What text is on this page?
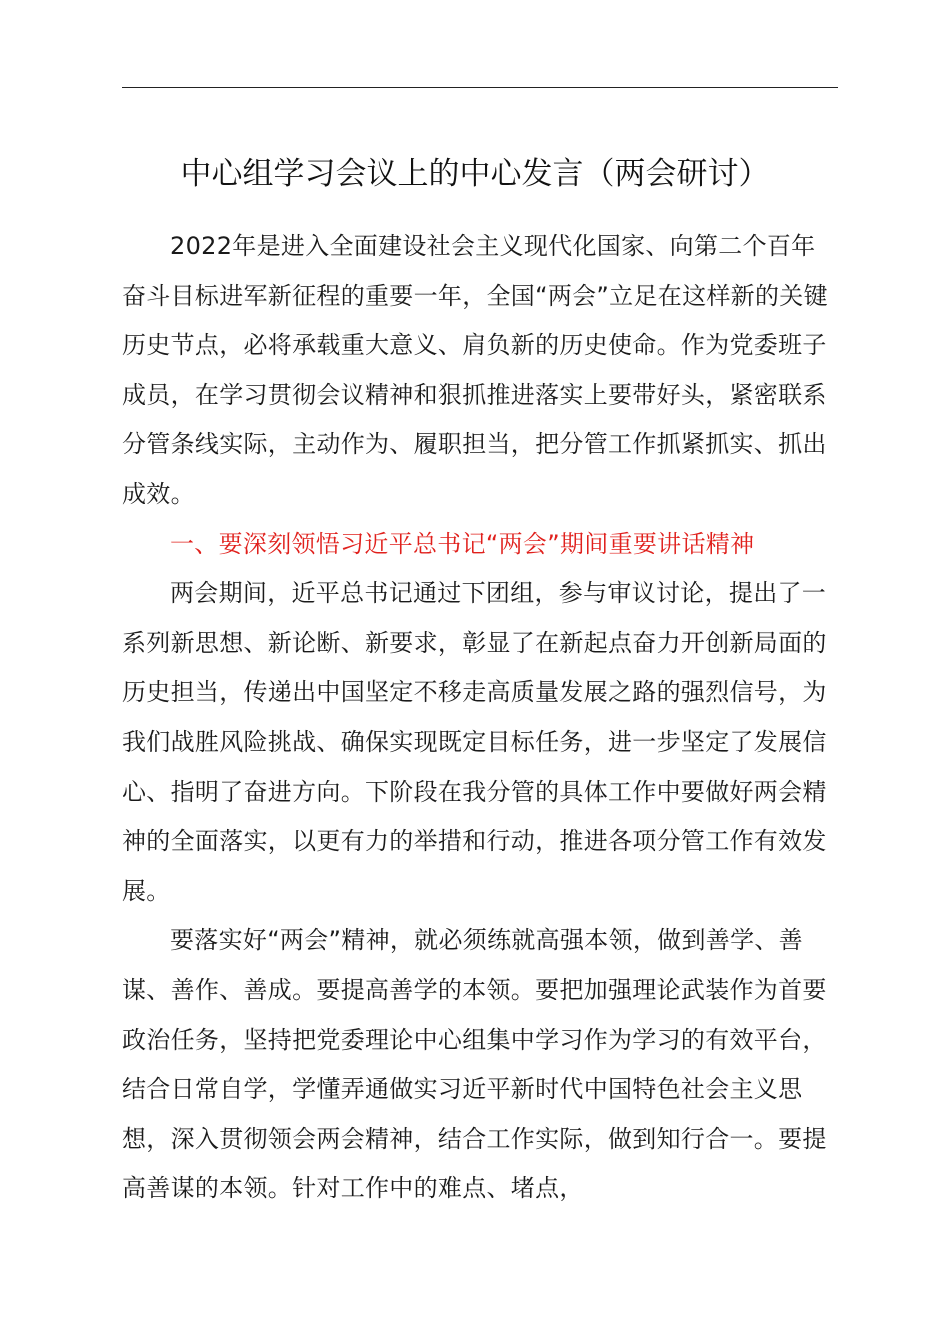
中心组学习会议上的中心发言（两会研讨）

2022年是进入全面建设社会主义现代化国家、向第二个百年奋斗目标进军新征程的重要一年，全国“两会”立足在这样新的关键历史节点，必将承载重大意义、肩负新的历史使命。作为党委班子成员，在学习贯彻会议精神和狠抓推进落实上要带好头，紧密联系分管条线实际，主动作为、履职担当，把分管工作抓紧抓实、抓出成效。

一、要深刻领悟习近平总书记“两会”期间重要讲话精神

两会期间，近平总书记通过下团组，参与审议讨论，提出了一系列新思想、新论断、新要求，彰显了在新起点奋力开创新局面的历史担当，传递出中国坚定不移走高质量发展之路的强烈信号，为我们战胜风险挑战、确保实现既定目标任务，进一步坚定了发展信心、指明了奋进方向。下阶段在我分管的具体工作中要做好两会精神的全面落实，以更有力的举措和行动，推进各项分管工作有效发展。

要落实好“两会”精神，就必须练就高强本领，做到善学、善谋、善作、善成。要提高善学的本领。要把加强理论武装作为首要政治任务，坚持把党委理论中心组集中学习作为学习的有效平台，结合日常自学，学懂弄通做实习近平新时代中国特色社会主义思想，深入贯彻领会两会精神，结合工作实际，做到知行合一。要提高善谋的本领。针对工作中的难点、堵点，
